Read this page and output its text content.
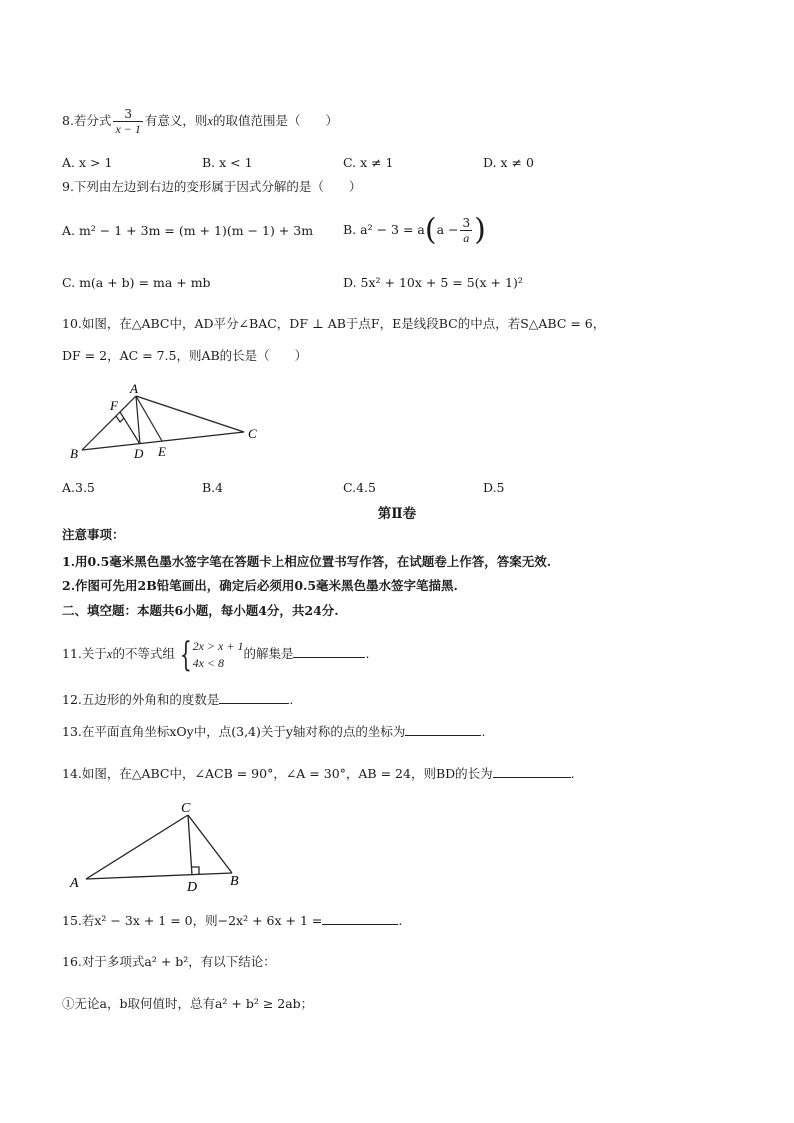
8.若分式 $\frac{3}{x - 1}$ 有意义，则x的取值范围是（　　）
A. x > 1	B. x < 1	C. x ≠ 1	D. x ≠ 0
9.下列由左边到右边的变形属于因式分解的是（　　）
A. m² − 1 + 3m = (m + 1)(m − 1) + 3m B. $a^2 - 3 = a(a - \frac{3}{a}$ )
C. m(a + b) = ma + mb	D. 5x² + 10x + 5 = 5(x + 1)²
10.如图，在△ABC中，AD平分∠BAC，DF ⊥ AB于点F，E是线段BC的中点，若S△ABC = 6，
DF = 2，AC = 7.5，则AB的长是（　　）
A
F
B	D E
C
A.3.5	B.4	C.4.5	D.5
第Ⅱ卷
注意事项：
1.用0.5毫米黑色墨水签字笔在答题卡上相应位置书写作答，在试题卷上作答，答案无效.
2.作图可先用2B铅笔画出，确定后必须用0.5毫米黑色墨水签字笔描黑.
二、填空题：本题共6小题，每小题4分，共24分.
11.关于x的不等式组 { 2x > x + 1
4x < 8
的解集是	.
12.五边形的外角和的度数是	.
13.在平面直角坐标xOy中，点(3,4)关于y轴对称的点的坐标为	.
14.如图，在△ABC中，∠ACB = 90°，∠A = 30°，AB = 24，则BD的长为	.
C
A	D B
15.若x² − 3x + 1 = 0，则−2x² + 6x + 1 =	.
16.对于多项式a² + b²，有以下结论：
①无论a，b取何值时，总有a² + b² ≥ 2ab；
